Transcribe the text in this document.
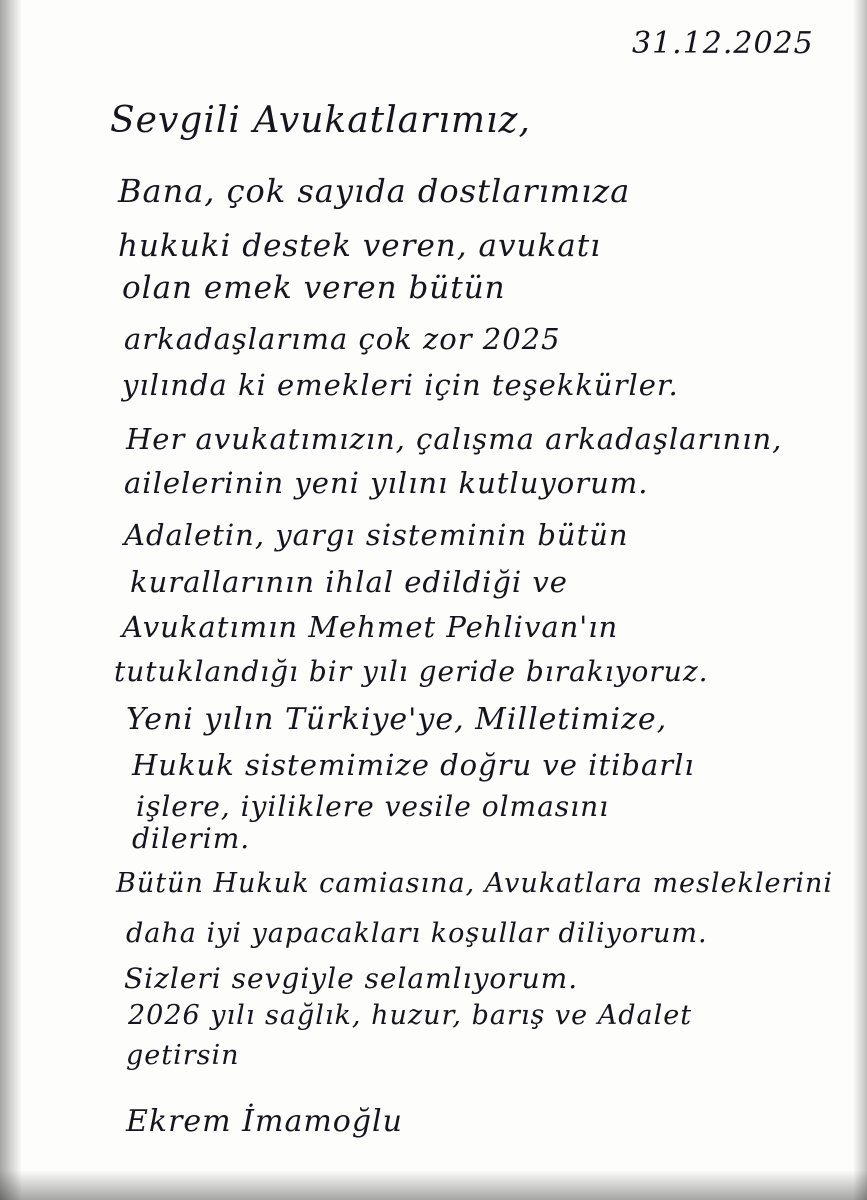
31.12.2025
Sevgili Avukatlarımız,
Bana, çok sayıda dostlarımıza
hukuki destek veren, avukatı
olan emek veren bütün
arkadaşlarıma çok zor 2025
yılında ki emekleri için teşekkürler.
Her avukatımızın, çalışma arkadaşlarının,
ailelerinin yeni yılını kutluyorum.
Adaletin, yargı sisteminin bütün
kurallarının ihlal edildiği ve
Avukatımın Mehmet Pehlivan'ın
tutuklandığı bir yılı geride bırakıyoruz.
Yeni yılın Türkiye'ye, Milletimize,
Hukuk sistemimize doğru ve itibarlı
işlere, iyiliklere vesile olmasını
dilerim.
Bütün Hukuk camiasına, Avukatlara mesleklerini
daha iyi yapacakları koşullar diliyorum.
Sizleri sevgiyle selamlıyorum.
2026 yılı sağlık, huzur, barış ve Adalet
getirsin
Ekrem İmamoğlu
